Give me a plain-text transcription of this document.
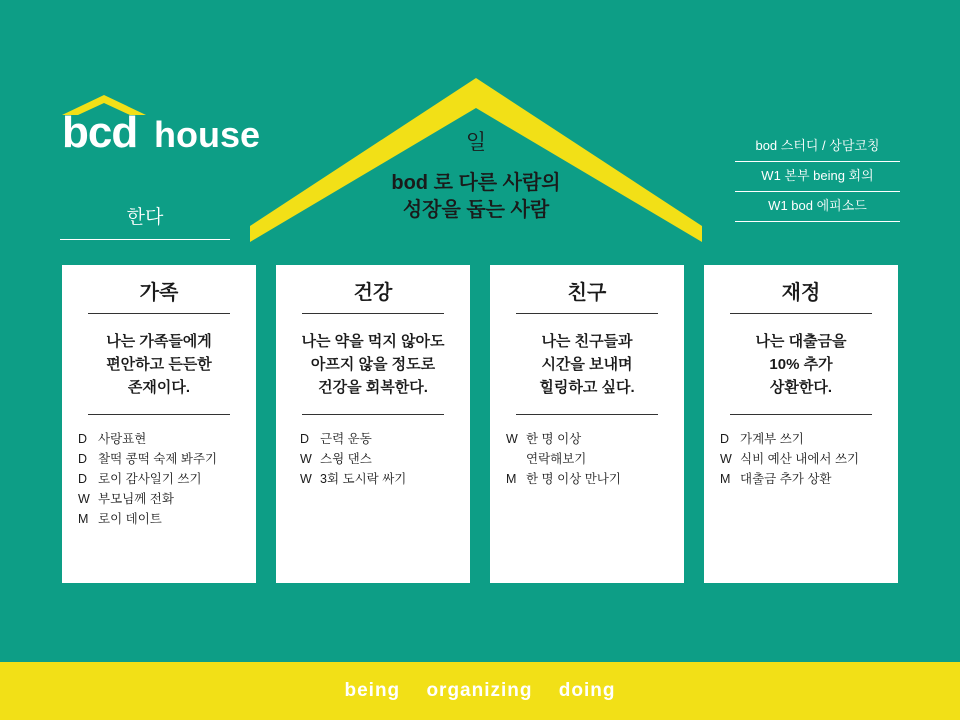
bcd house
한다
일
bod 로 다른 사람의
성장을 돕는 사람
bod 스터디 / 상담코칭
W1 본부 being 회의
W1 bod 에피소드
가족
나는 가족들에게
편안하고 든든한
존재이다.
D 사랑표현
D 찰떡 콩떡 숙제 봐주기
D 로이 감사일기 쓰기
W 부모님께 전화
M 로이 데이트
건강
나는 약을 먹지 않아도
아프지 않을 정도로
건강을 회복한다.
D 근력 운동
W 스윙 댄스
W 3회 도시락 싸기
친구
나는 친구들과
시간을 보내며
힐링하고 싶다.
W 한 명 이상
연락해보기
M 한 명 이상 만나기
재정
나는 대출금을
10% 추가
상환한다.
D 가계부 쓰기
W 식비 예산 내에서 쓰기
M 대출금 추가 상환
being organizing doing
